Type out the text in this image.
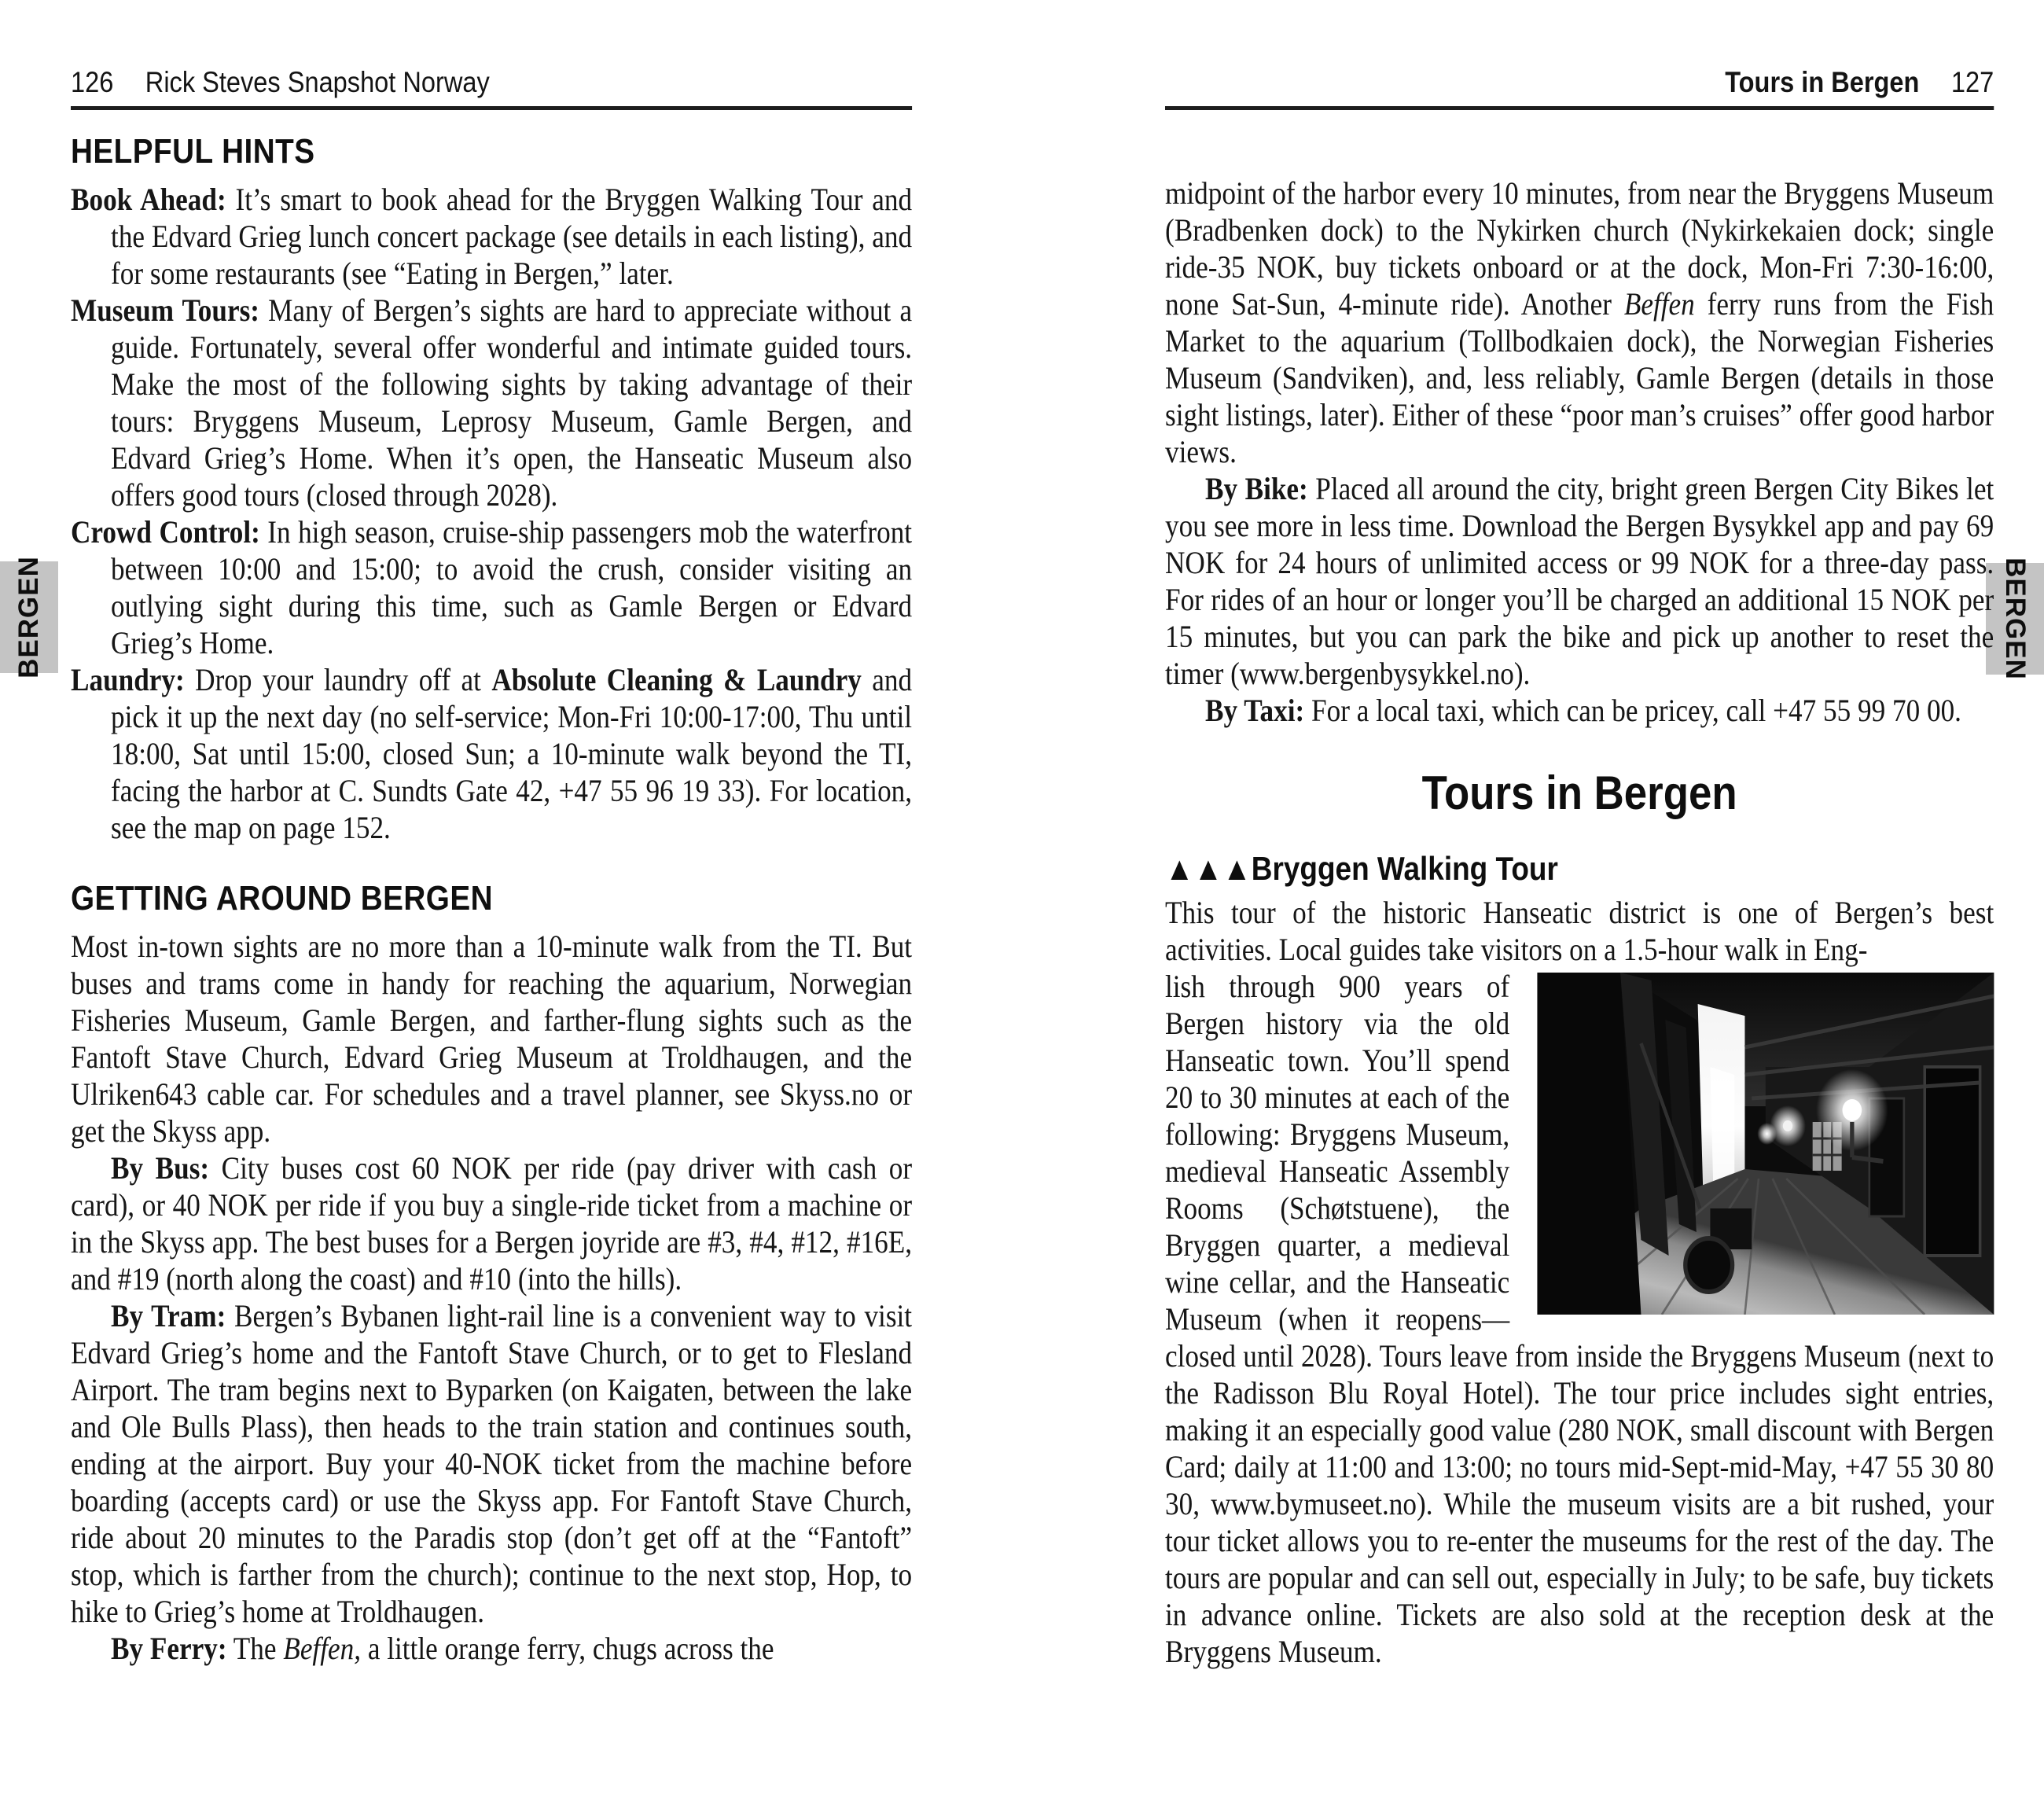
BERGEN	BERGEN
126 Rick Steves Snapshot Norway
HELPFUL HINTS

Book Ahead: It’s smart to book ahead for the Bryggen Walking Tour and the Edvard Grieg lunch concert package (see details in each listing), and for some restaurants (see “Eating in Bergen,” later.

Museum Tours: Many of Bergen’s sights are hard to appreciate without a guide. Fortunately, several offer wonderful and intimate guided tours. Make the most of the following sights by taking advantage of their tours: Bryggens Museum, Leprosy Museum, Gamle Bergen, and Edvard Grieg’s Home. When it’s open, the Hanseatic Museum also offers good tours (closed through 2028).

Crowd Control: In high season, cruise-ship passengers mob the waterfront between 10:00 and 15:00; to avoid the crush, consider visiting an outlying sight during this time, such as Gamle Bergen or Edvard Grieg’s Home.

Laundry: Drop your laundry off at Absolute Cleaning & Laundry and pick it up the next day (no self-service; Mon-Fri 10:00-17:00, Thu until 18:00, Sat until 15:00, closed Sun; a 10-minute walk beyond the TI, facing the harbor at C. Sundts Gate 42, +47 55 96 19 33). For location, see the map on page 152.

GETTING AROUND BERGEN

Most in-town sights are no more than a 10-minute walk from the TI. But buses and trams come in handy for reaching the aquarium, Norwegian Fisheries Museum, Gamle Bergen, and farther-flung sights such as the Fantoft Stave Church, Edvard Grieg Museum at Troldhaugen, and the Ulriken643 cable car. For schedules and a travel planner, see Skyss.no or get the Skyss app.

By Bus: City buses cost 60 NOK per ride (pay driver with cash or card), or 40 NOK per ride if you buy a single-ride ticket from a machine or in the Skyss app. The best buses for a Bergen joyride are #3, #4, #12, #16E, and #19 (north along the coast) and #10 (into the hills).

By Tram: Bergen’s Bybanen light-rail line is a convenient way to visit Edvard Grieg’s home and the Fantoft Stave Church, or to get to Flesland Airport. The tram begins next to Byparken (on Kaigaten, between the lake and Ole Bulls Plass), then heads to the train station and continues south, ending at the airport. Buy your 40-NOK ticket from the machine before boarding (accepts card) or use the Skyss app. For Fantoft Stave Church, ride about 20 minutes to the Paradis stop (don’t get off at the “Fantoft” stop, which is farther from the church); continue to the next stop, Hop, to hike to Grieg’s home at Troldhaugen.

By Ferry: The Beffen, a little orange ferry, chugs across the

Tours in Bergen 127

midpoint of the harbor every 10 minutes, from near the Bryggens Museum (Bradbenken dock) to the Nykirken church (Nykirkekaien dock; single ride-35 NOK, buy tickets onboard or at the dock, Mon-Fri 7:30-16:00, none Sat-Sun, 4-minute ride). Another Beffen ferry runs from the Fish Market to the aquarium (Tollbodkaien dock), the Norwegian Fisheries Museum (Sandviken), and, less reliably, Gamle Bergen (details in those sight listings, later). Either of these “poor man’s cruises” offer good harbor views.

By Bike: Placed all around the city, bright green Bergen City Bikes let you see more in less time. Download the Bergen Bysykkel app and pay 69 NOK for 24 hours of unlimited access or 99 NOK for a three-day pass. For rides of an hour or longer you’ll be charged an additional 15 NOK per 15 minutes, but you can park the bike and pick up another to reset the timer (www.bergenbysykkel.no).

By Taxi: For a local taxi, which can be pricey, call +47 55 99 70 00.

Tours in Bergen
▲▲▲Bryggen Walking Tour

This tour of the historic Hanseatic district is one of Bergen’s best activities. Local guides take visitors on a 1.5-hour walk in Eng-

lish through 900 years of Bergen history via the old Hanseatic town. You’ll spend 20 to 30 minutes at each of the following: Bryggens Museum, medieval Hanseatic Assembly Rooms (Schøtstuene), the Bryggen quarter, a medieval wine cellar, and the Hanseatic Museum (when it reopens—closed until 2028). Tours leave from inside the Bryggens Museum (next to the Radisson Blu Royal Hotel). The tour price includes sight entries, making it an especially good value (280 NOK, small discount with Bergen Card; daily at 11:00 and 13:00; no tours mid-Sept-mid-May, +47 55 30 80 30, www.bymuseet.no). While the museum visits are a bit rushed, your tour ticket allows you to re-enter the museums for the rest of the day. The tours are popular and can sell out, especially in July; to be safe, buy tickets in advance online. Tickets are also sold at the reception desk at the Bryggens Museum.
